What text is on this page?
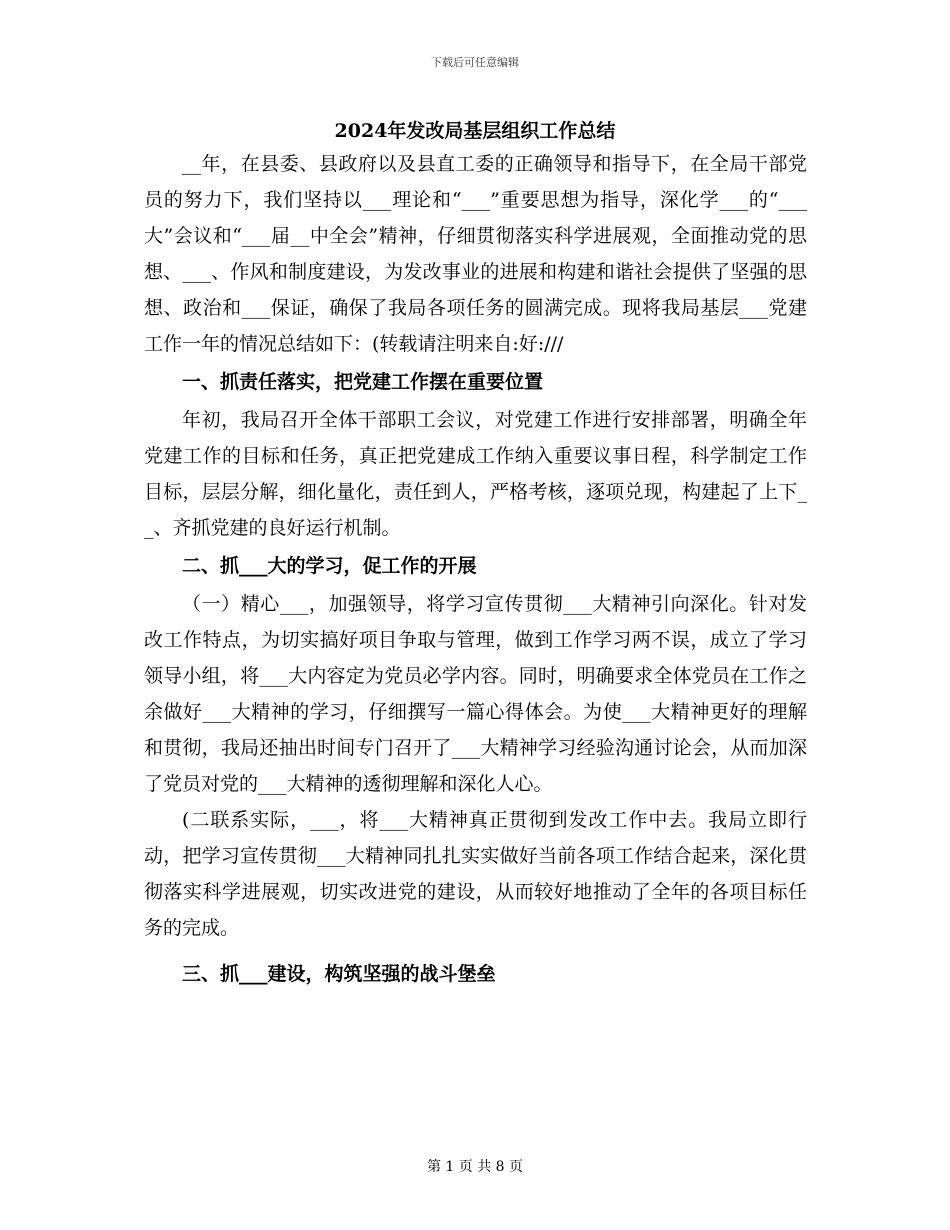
下载后可任意编辑
2024年发改局基层组织工作总结

__年，在县委、县政府以及县直工委的正确领导和指导下，在全局干部党员的努力下，我们坚持以___理论和“___”重要思想为指导，深化学___的“___大”会议和“___届__中全会”精神，仔细贯彻落实科学进展观，全面推动党的思想、___、作风和制度建设，为发改事业的进展和构建和谐社会提供了坚强的思想、政治和___保证，确保了我局各项任务的圆满完成。现将我局基层___党建工作一年的情况总结如下：(转载请注明来自:好:///

一、抓责任落实，把党建工作摆在重要位置

年初，我局召开全体干部职工会议，对党建工作进行安排部署，明确全年党建工作的目标和任务，真正把党建成工作纳入重要议事日程，科学制定工作目标，层层分解，细化量化，责任到人，严格考核，逐项兑现，构建起了上下__、齐抓党建的良好运行机制。

二、抓___大的学习，促工作的开展

（一）精心___，加强领导，将学习宣传贯彻___大精神引向深化。针对发改工作特点，为切实搞好项目争取与管理，做到工作学习两不误，成立了学习领导小组，将___大内容定为党员必学内容。同时，明确要求全体党员在工作之余做好___大精神的学习，仔细撰写一篇心得体会。为使___大精神更好的理解和贯彻，我局还抽出时间专门召开了___大精神学习经验沟通讨论会，从而加深了党员对党的___大精神的透彻理解和深化人心。

(二联系实际，___，将___大精神真正贯彻到发改工作中去。我局立即行动，把学习宣传贯彻___大精神同扎扎实实做好当前各项工作结合起来，深化贯彻落实科学进展观，切实改进党的建设，从而较好地推动了全年的各项目标任务的完成。

三、抓___建设，构筑坚强的战斗堡垒

第 1 页 共 8 页
